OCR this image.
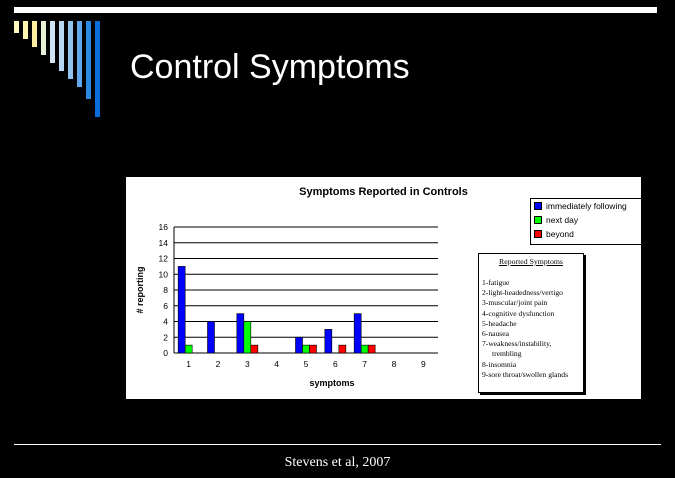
Control Symptoms
0
2
4
6
8
10
12
14
16
1	2	3	4	5	6	7	8	9
symptoms
# reporting
Symptoms Reported in Controls
immediately following
next day
beyond
Reported Symptoms
1-fatigue
2-light-headedness/vertigo
3-muscular/joint pain
4-cognitive dysfunction
5-headache
6-nausea
7-weakness/instability,
trembling
8-insomnia
9-sore throat/swollen glands
Stevens et al, 2007
